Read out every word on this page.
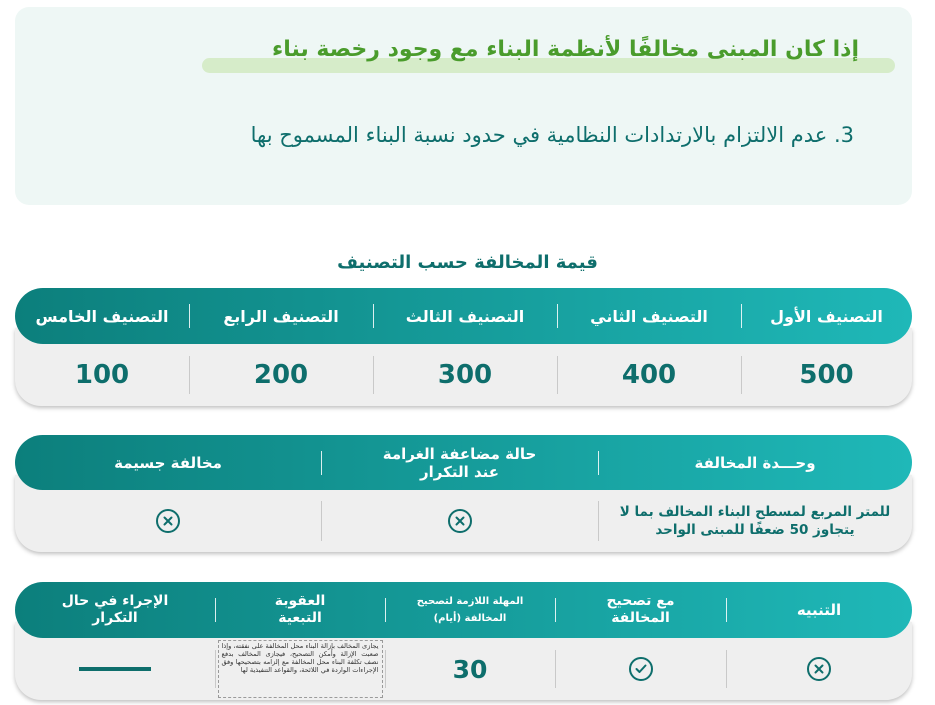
إذا كان المبنى مخالفًا لأنظمة البناء مع وجود رخصة بناء
3. عدم الالتزام بالارتدادات النظامية في حدود نسبة البناء المسموح بها
قيمة المخالفة حسب التصنيف
التصنيف الأول
التصنيف الثاني
التصنيف الثالث
التصنيف الرابع
التصنيف الخامس
500
400
300
200
100
وحـــدة المخالفة
حالة مضاعفة الغرامة عند التكرار
مخالفة جسيمة
للمتر المربع لمسطح البناء المخالف بما لا يتجاوز 50 ضعفًا للمبنى الواحد
التنبيه
مع تصحيح المخالفة
المهلة اللازمة لتصحيح المخالفة (أيام)
العقوبة التبعية
الإجراء في حال التكرار
30
يجازى المخالف بإزالة البناء محل المخالفة على نفقته، وإذا صعبت الإزالة وأمكن التصحيح، فيجازى المخالف بدفع نصف تكلفة البناء محل المخالفة مع إلزامه بتصحيحها وفق الإجراءات الواردة في اللائحة، والقواعد التنفيذية لها
